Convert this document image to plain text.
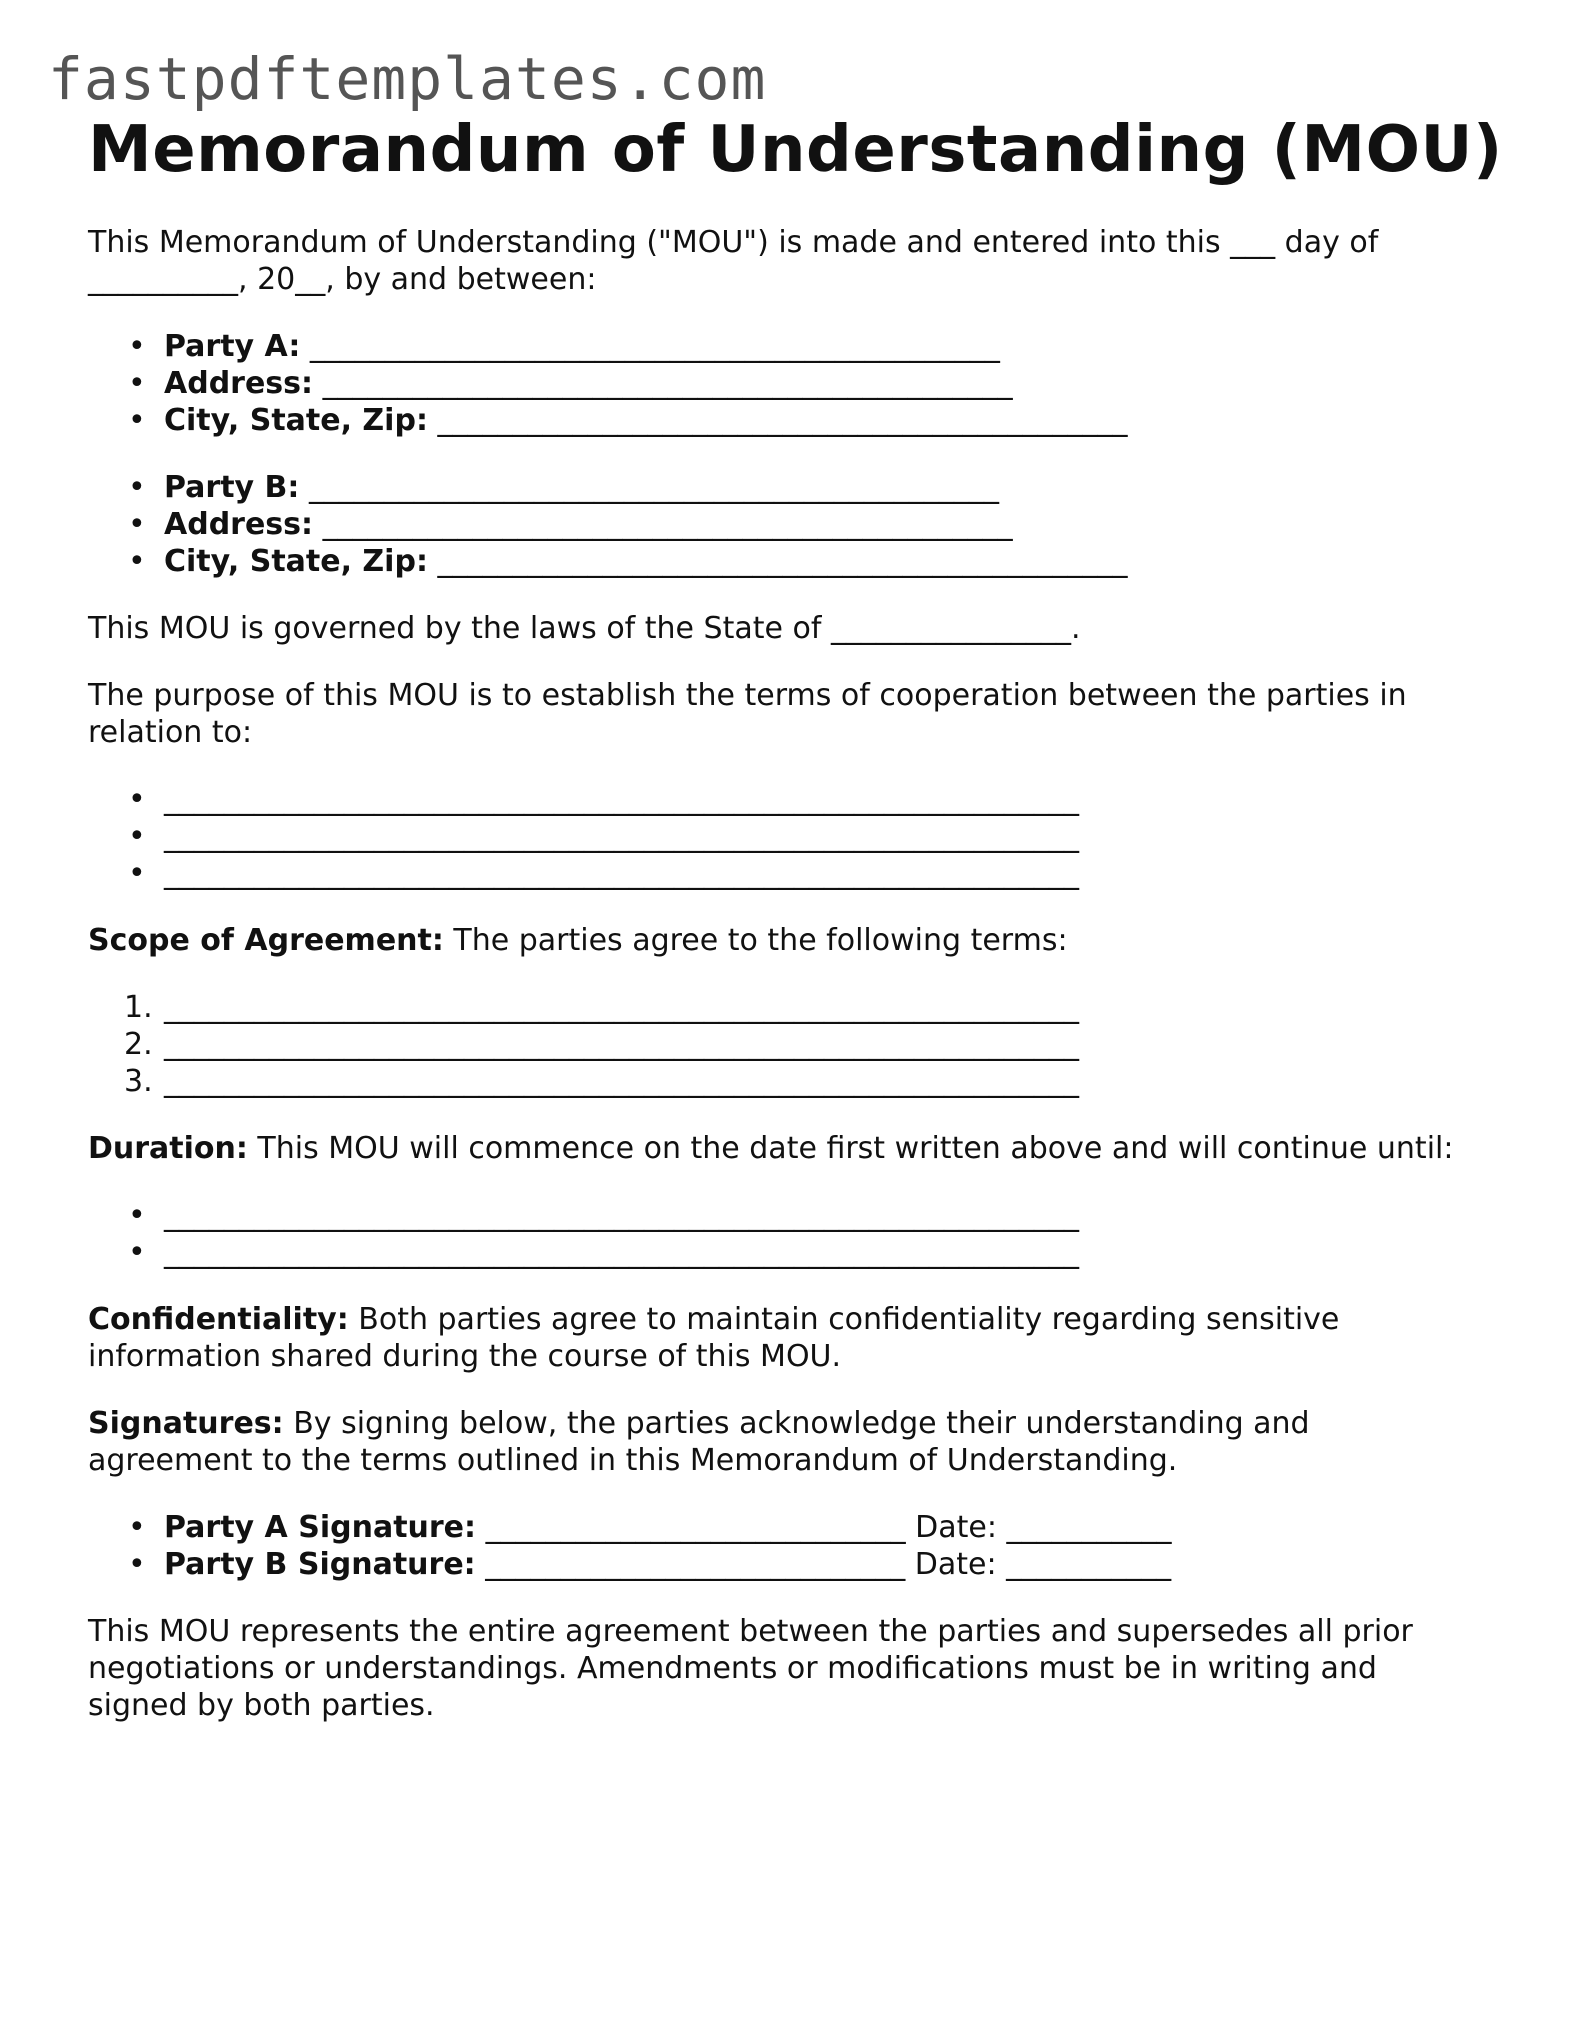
fastpdftemplates.com
Memorandum of Understanding (MOU)

This Memorandum of Understanding ("MOU") is made and entered into this ___ day of
__________, 20__, by and between:

• Party A: ______________________________________________
• Address: ______________________________________________
• City, State, Zip: ______________________________________________
• Party B: ______________________________________________
• Address: ______________________________________________
• City, State, Zip: ______________________________________________

This MOU is governed by the laws of the State of ________________.

The purpose of this MOU is to establish the terms of cooperation between the parties in
relation to:

• _____________________________________________________________
• _____________________________________________________________
• _____________________________________________________________

Scope of Agreement: The parties agree to the following terms:

1. _____________________________________________________________
2. _____________________________________________________________
3. _____________________________________________________________

Duration: This MOU will commence on the date first written above and will continue until:

• _____________________________________________________________
• _____________________________________________________________

Confidentiality: Both parties agree to maintain confidentiality regarding sensitive
information shared during the course of this MOU.

Signatures: By signing below, the parties acknowledge their understanding and
agreement to the terms outlined in this Memorandum of Understanding.

• Party A Signature: ____________________________ Date: ___________
• Party B Signature: ____________________________ Date: ___________

This MOU represents the entire agreement between the parties and supersedes all prior
negotiations or understandings. Amendments or modifications must be in writing and
signed by both parties.
